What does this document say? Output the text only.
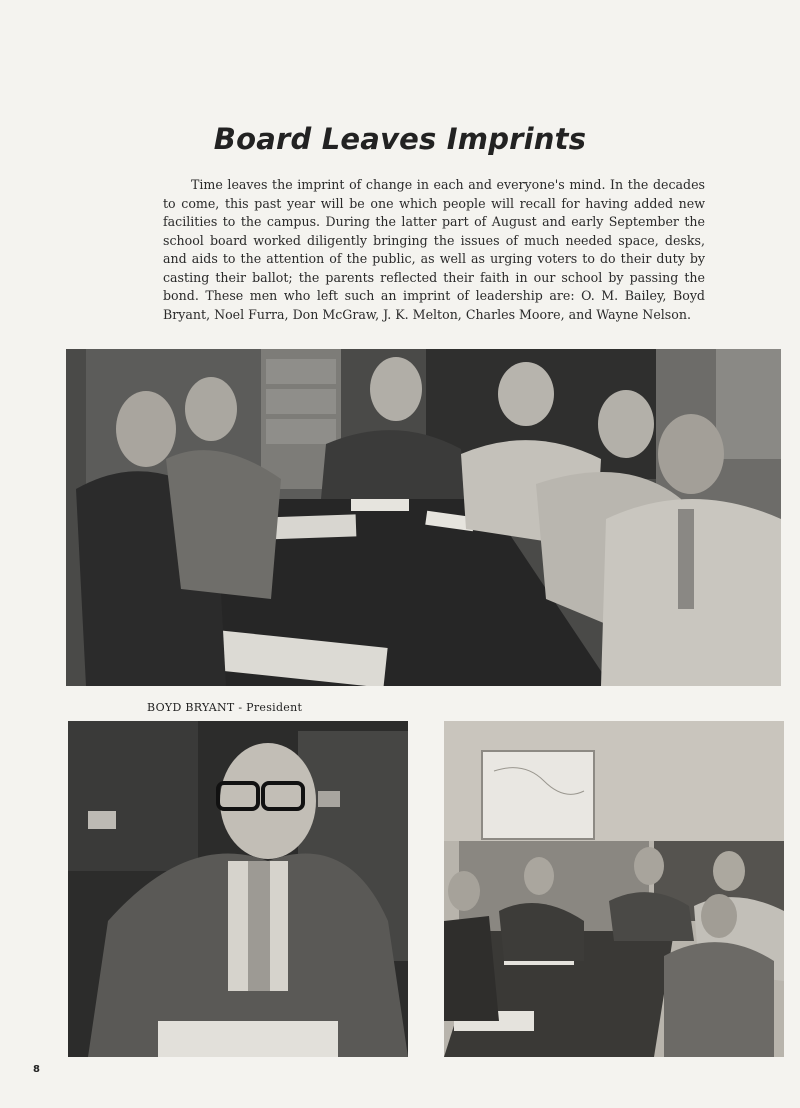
Board Leaves Imprints

Time leaves the imprint of change in each and everyone's mind. In the decades to come, this past year will be one which people will recall for having added new facilities to the campus. During the latter part of August and early September the school board worked diligently bringing the issues of much needed space, desks, and aids to the attention of the public, as well as urging voters to do their duty by casting their ballot; the parents reflected their faith in our school by passing the bond. These men who left such an imprint of leadership are: O. M. Bailey, Boyd Bryant, Noel Furra, Don McGraw, J. K. Melton, Charles Moore, and Wayne Nelson.

BOYD BRYANT - President
8
